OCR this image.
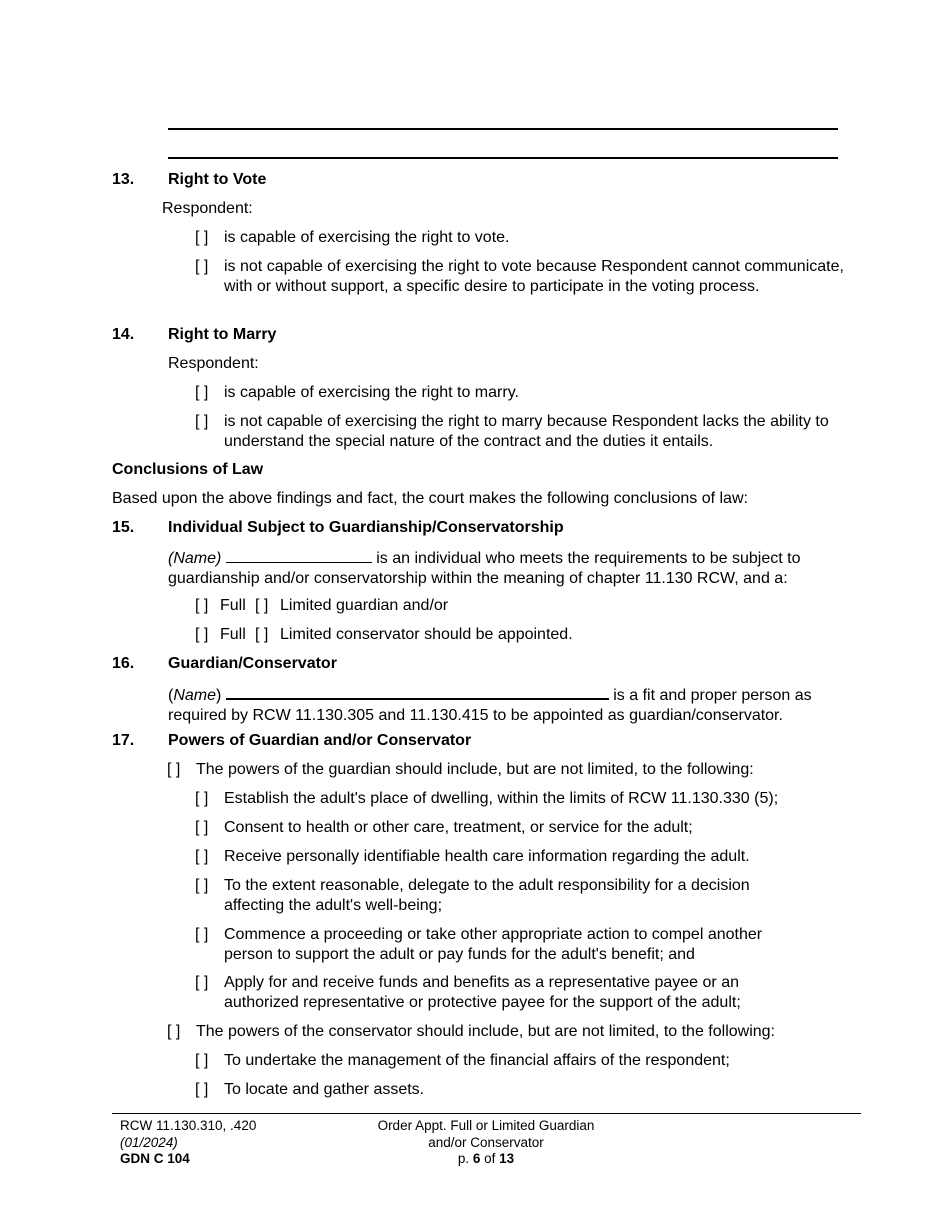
13. Right to Vote
Respondent:
[ ] is capable of exercising the right to vote.
[ ] is not capable of exercising the right to vote because Respondent cannot communicate, with or without support, a specific desire to participate in the voting process.
14. Right to Marry
Respondent:
[ ] is capable of exercising the right to marry.
[ ] is not capable of exercising the right to marry because Respondent lacks the ability to understand the special nature of the contract and the duties it entails.
Conclusions of Law
Based upon the above findings and fact, the court makes the following conclusions of law:
15. Individual Subject to Guardianship/Conservatorship
(Name)	is an individual who meets the requirements to be subject to guardianship and/or conservatorship within the meaning of chapter 11.130 RCW, and a:
[ ] Full [ ] Limited guardian and/or
[ ] Full [ ] Limited conservator should be appointed.
16. Guardian/Conservator
(Name)	is a fit and proper person as required by RCW 11.130.305 and 11.130.415 to be appointed as guardian/conservator.
17. Powers of Guardian and/or Conservator
[ ] The powers of the guardian should include, but are not limited, to the following:
[ ] Establish the adult's place of dwelling, within the limits of RCW 11.130.330 (5);
[ ] Consent to health or other care, treatment, or service for the adult;
[ ] Receive personally identifiable health care information regarding the adult.
[ ] To the extent reasonable, delegate to the adult responsibility for a decision affecting the adult's well-being;
[ ] Commence a proceeding or take other appropriate action to compel another person to support the adult or pay funds for the adult's benefit; and
[ ] Apply for and receive funds and benefits as a representative payee or an authorized representative or protective payee for the support of the adult;
[ ] The powers of the conservator should include, but are not limited, to the following:
[ ] To undertake the management of the financial affairs of the respondent;
[ ] To locate and gather assets.
RCW 11.130.310, .420
(01/2024)
GDN C 104
Order Appt. Full or Limited Guardian
and/or Conservator
p. 6 of 13
